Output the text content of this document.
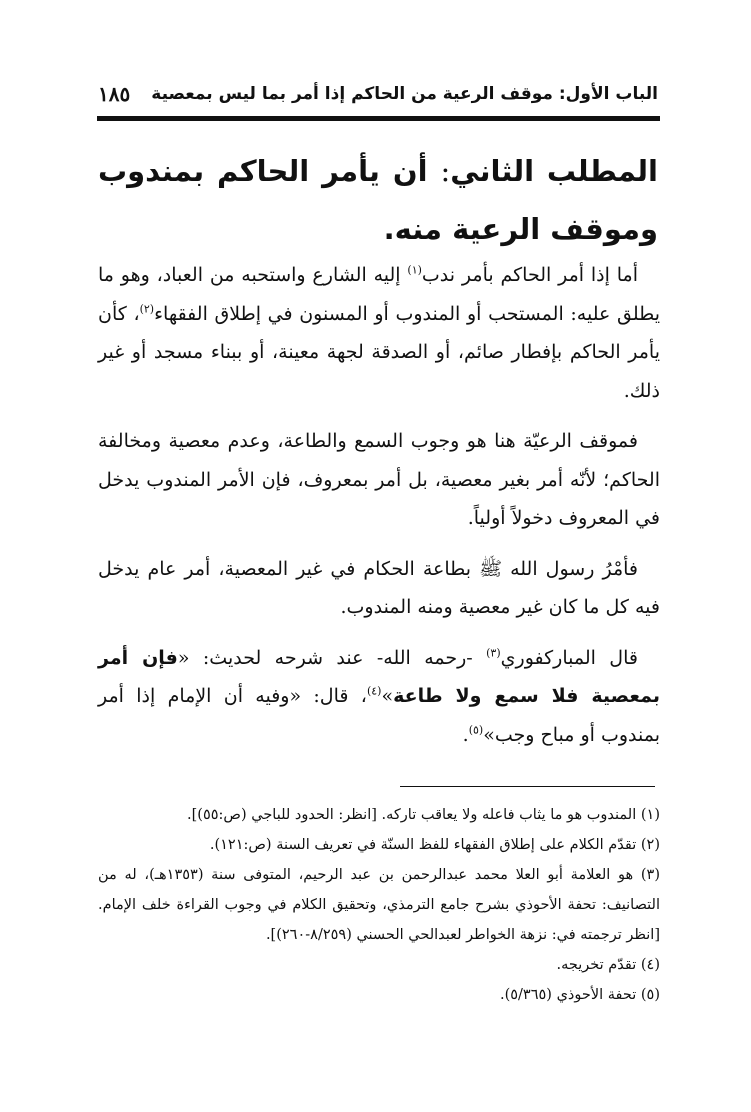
الباب الأول: موقف الرعية من الحاكم إذا أمر بما ليس بمعصية
١٨٥
المطلب الثاني: أن يأمر الحاكم بمندوب وموقف الرعية منه.

أما إذا أمر الحاكم بأمر ندب$^{(١)}$ إليه الشارع واستحبه من العباد، وهو ما يطلق عليه: المستحب أو المندوب أو المسنون في إطلاق الفقهاء$^{(٢)}$، كأن يأمر الحاكم بإفطار صائم، أو الصدقة لجهة معينة، أو ببناء مسجد أو غير ذلك.

فموقف الرعيّة هنا هو وجوب السمع والطاعة، وعدم معصية ومخالفة الحاكم؛ لأنّه أمر بغير معصية، بل أمر بمعروف، فإن الأمر المندوب يدخل في المعروف دخولاً أولياً.

فأمْرُ رسول الله ﷺ بطاعة الحكام في غير المعصية، أمر عام يدخل فيه كل ما كان غير معصية ومنه المندوب.

قال المباركفوري$^{(٣)}$ -رحمه الله- عند شرحه لحديث: «فإن أمر بمعصية فلا سمع ولا طاعة»$^{(٤)}$، قال: «وفيه أن الإمام إذا أمر بمندوب أو مباح وجب»$^{(٥)}$.

(١) المندوب هو ما يثاب فاعله ولا يعاقب تاركه. [انظر: الحدود للباجي (ص:٥٥)].

(٢) تقدّم الكلام على إطلاق الفقهاء للفظ السنّة في تعريف السنة (ص:١٢١).

(٣) هو العلامة أبو العلا محمد عبدالرحمن بن عبد الرحيم، المتوفى سنة (١٣٥٣هـ)، له من التصانيف: تحفة الأحوذي بشرح جامع الترمذي، وتحقيق الكلام في وجوب القراءة خلف الإمام. [انظر ترجمته في: نزهة الخواطر لعبدالحي الحسني (٨/٢٥٩-٢٦٠)].

(٤) تقدّم تخريجه.

(٥) تحفة الأحوذي (٥/٣٦٥).
